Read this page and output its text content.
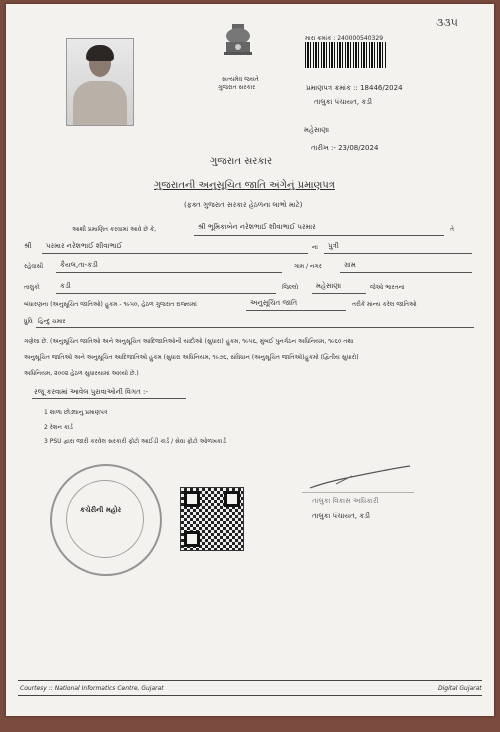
૩૩૫
સત્યમેવ જયતે
ગુજરાત સરકાર
મારા ક્રમાંક : 240000540329
પ્રમાણપત્ર ક્રમાંક :: 18446/2024
તાલુકા પંચાયત, કડી
મહેસાણા
તારીખ :- 23/08/2024
ગુજરાત સરકાર
ગુજરાતની અનુસૂચિત જાતિ અંગેનું પ્રમાણપત્ર
(ફક્ત ગુજરાત સરકાર હેઠળના લાભો માટે)
આથી પ્રમાણિત કરવામાં આવે છે કે,	શ્રી ભૂમિકાબેન નરેશભાઈ શીવાભાઈ પરમાર	તે
શ્રી પરમાર નરેશભાઈ શીવાભાઈ	ના પુત્રી
રહેવાસી કૈયલ,તા-કડી	ગામ / નગર	ગ્રામ
તાલુકો	કડી	જિલ્લો	મહેસાણા	જેઓ ભારતના
બંધારણના (અનુસૂચિત જાતિઓ) હુકમ - ૧૯૫૦, હેઠળ ગુજરાત રાજ્યમાં	અનુસૂચિત જાતિ	તરીકે માન્ય કરેલ જાતિઓ
ધ્રુવિ હિન્દુ ચમાર
ગણેલા છે. (અનુસૂચિત જાતિઓ અને અનુસૂચિત આદિજાતિઓની યાદીઓ (સુધારા) હુકમ, ૧૯૫૬, મુંબઈ પુનર્ગઠન અધિનિયમ, ૧૯૬૦ તથા
અનુસૂચિત જાતિઓ અને અનુસૂચિત આદિજાતિઓ હુકમ (સુધારા અધિનિયમ, ૧૯૭૬, સંવિધાન (અનુસૂચિત જાતિઓ)હુકમો (દ્વિતીય સુધારો)
અધિનિયમ, ૨૦૦૨ હેઠળ સુધારયામાં આવ્યો છે.)
રજૂ કરવામાં આવેલ પુરાવાઓની વિગત :-
1 શાળા છોડ્યાનુ પ્રમાણપત્ર
2 રેશન કાર્ડ
3 PSU દ્વારા જારી કરવેલ સરકારી ફોટો આઈડી કાર્ડ / સેવા ફોટો ઓળખકાર્ડ
કચેરીની મહોર
તાલુકા વિકાસ અધિકારી
તાલુકા પંચાયત, કડી
Courtesy :: National Informatics Centre, Gujarat	Digital Gujarat
